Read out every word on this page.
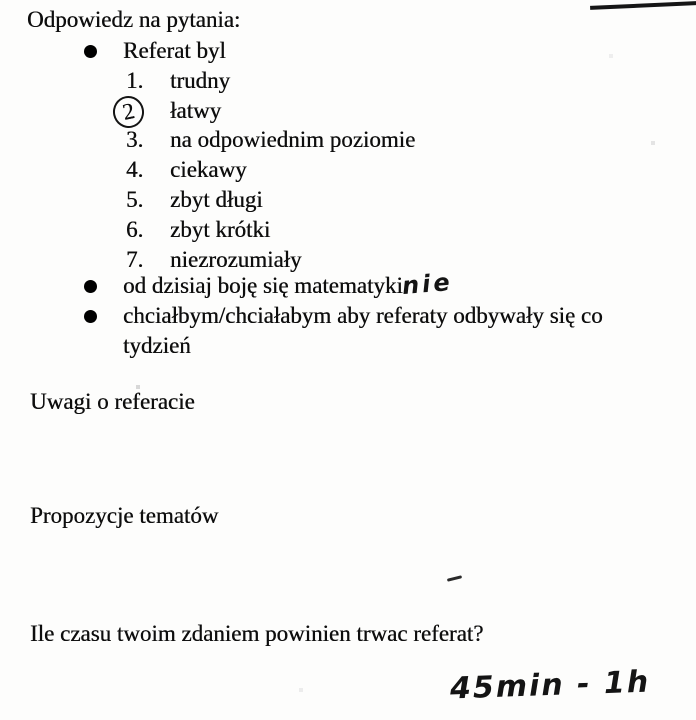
Odpowiedz na pytania:
Referat byl
1.	trudny
2	łatwy
3.	na odpowiednim poziomie
4.	ciekawy
5.	zbyt długi
6.	zbyt krótki
7.	niezrozumiały
od dzisiaj boję się matematyki
nie
chciałbym/chciałabym aby referaty odbywały się co tydzień
Uwagi o referacie
Propozycje tematów
Ile czasu twoim zdaniem powinien trwac referat?
45min - 1h
